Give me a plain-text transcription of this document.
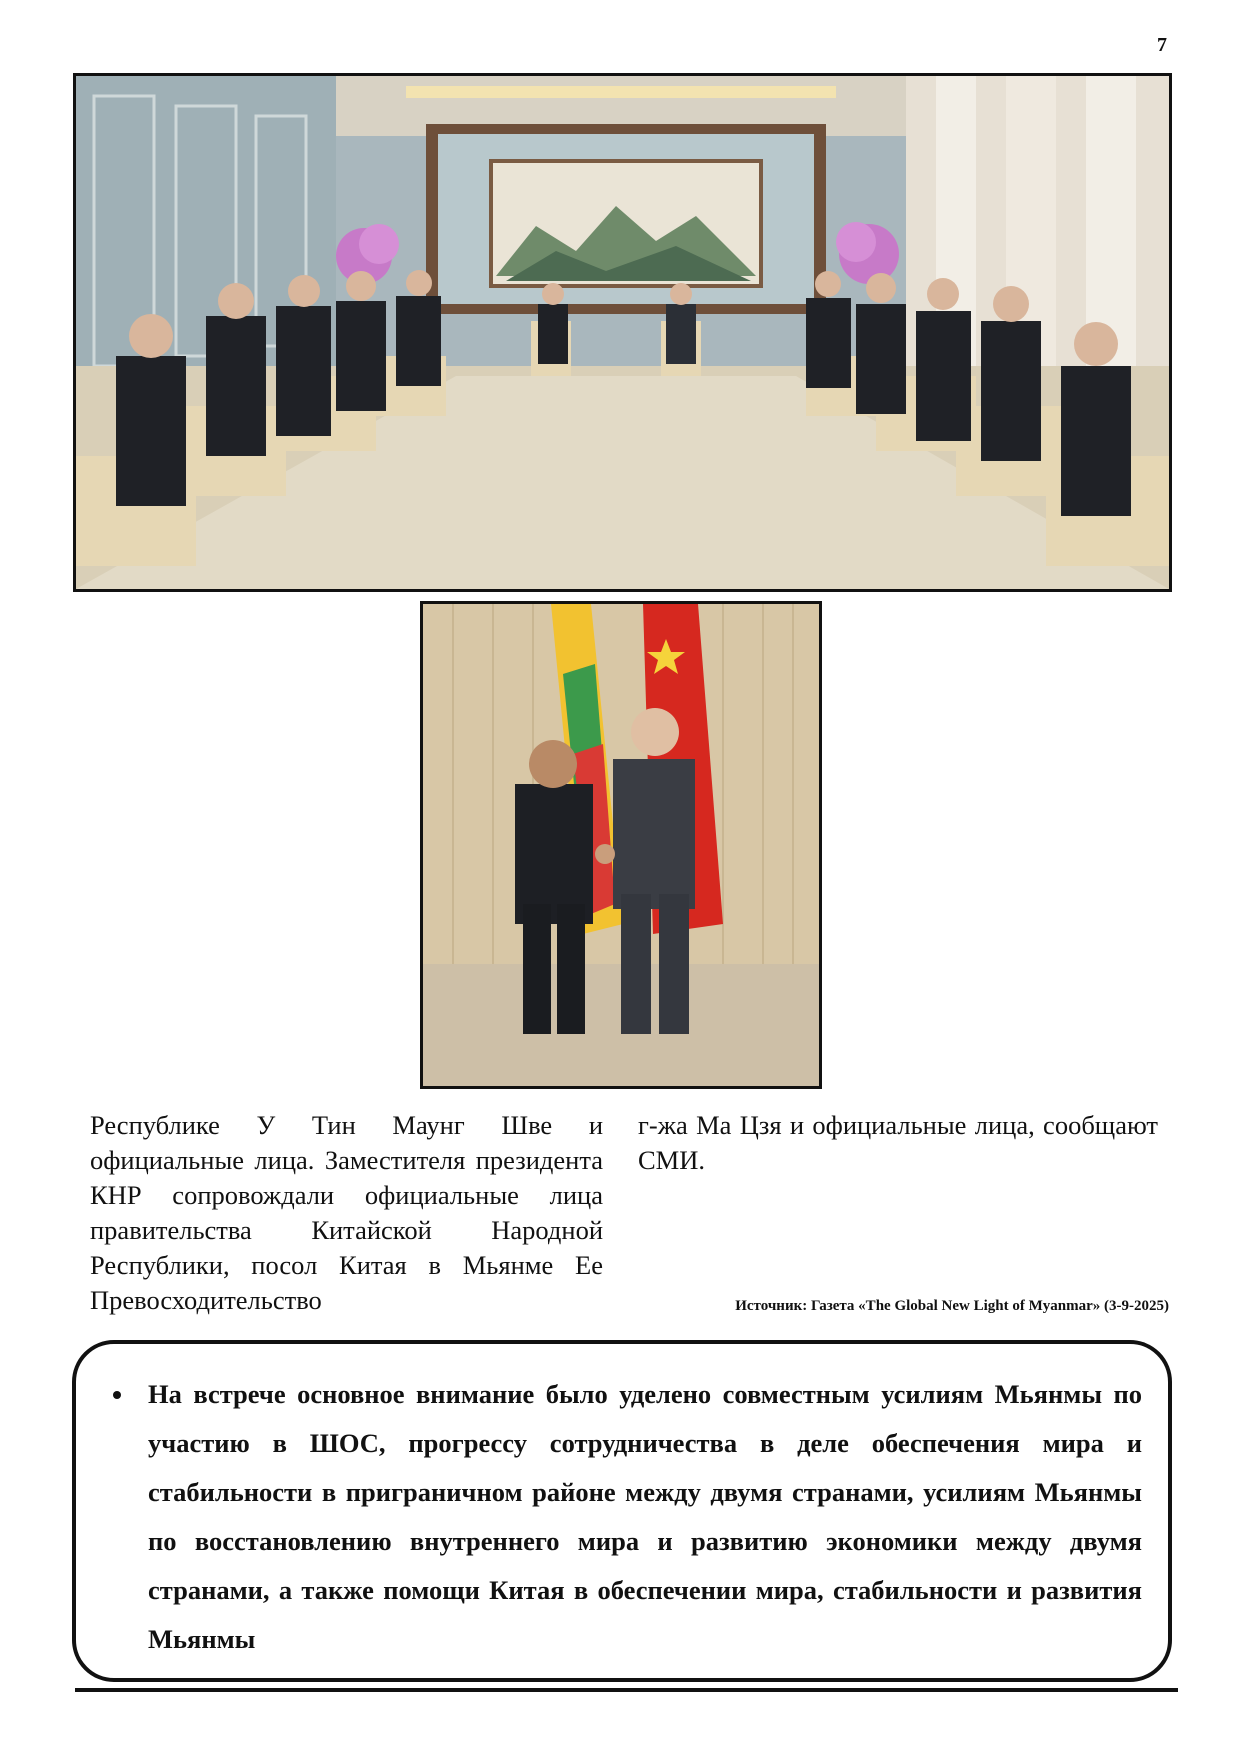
7
Республике У Тин Маунг Шве и официальные лица. Заместителя президента КНР сопровождали официальные лица правительства Китайской Народной Республики, посол Китая в Мьянме Ее Превосходительство
г-жа Ма Цзя и официальные лица, сообщают СМИ.
Источник: Газета «The Global New Light of Myanmar» (3-9-2025)
• На встрече основное внимание было уделено совместным усилиям Мьянмы по участию в ШОС, прогрессу сотрудничества в деле обеспечения мира и стабильности в приграничном районе между двумя странами, усилиям Мьянмы по восстановлению внутреннего мира и развитию экономики между двумя странами, а также помощи Китая в обеспечении мира, стабильности и развития Мьянмы
